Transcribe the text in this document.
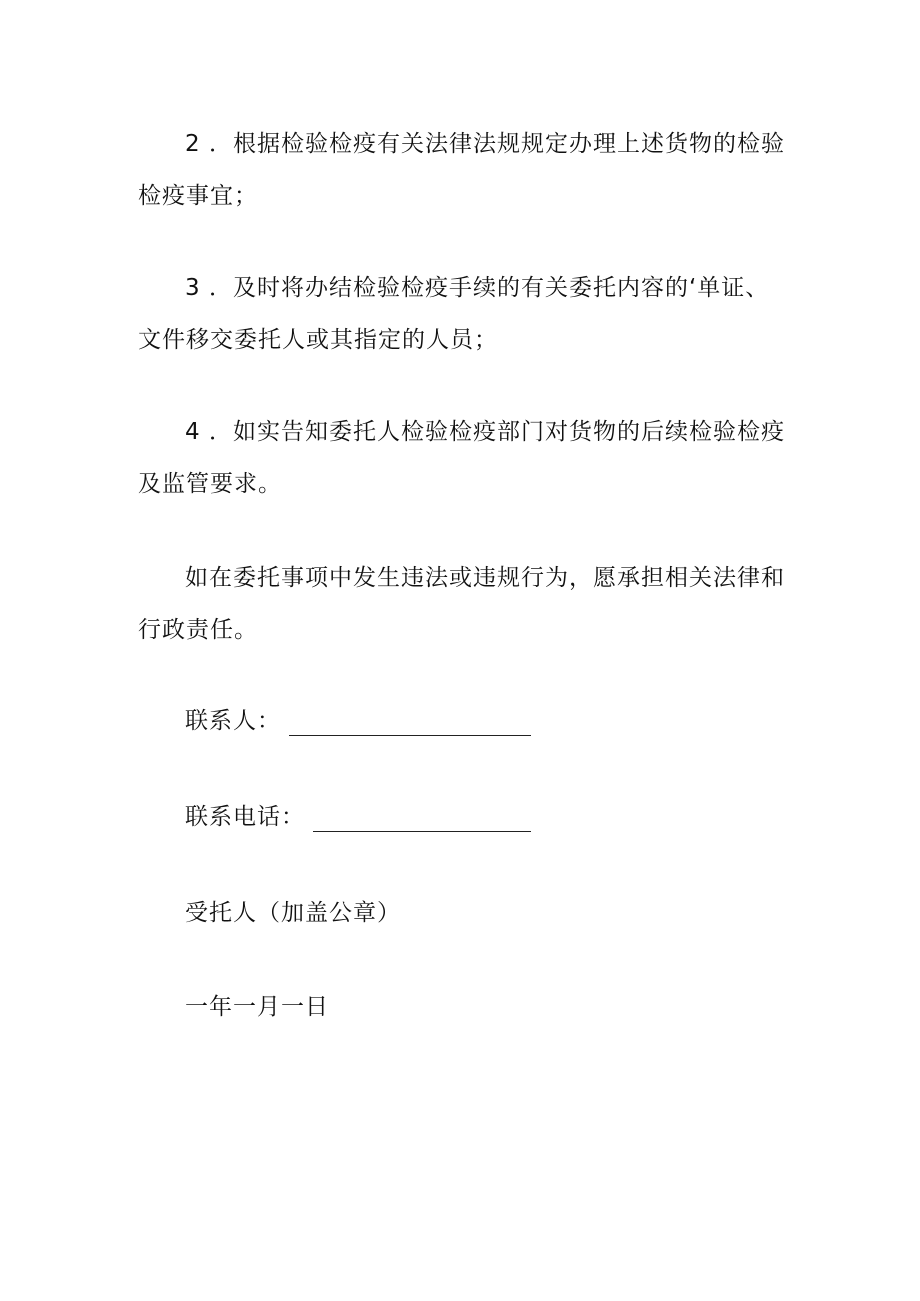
2 ．根据检验检疫有关法律法规规定办理上述货物的检验检疫事宜；

3 ．及时将办结检验检疫手续的有关委托内容的‘单证、文件移交委托人或其指定的人员；

4 ．如实告知委托人检验检疫部门对货物的后续检验检疫及监管要求。

如在委托事项中发生违法或违规行为，愿承担相关法律和行政责任。

联系人：
联系电话：
受托人（加盖公章）
一年一月一日
